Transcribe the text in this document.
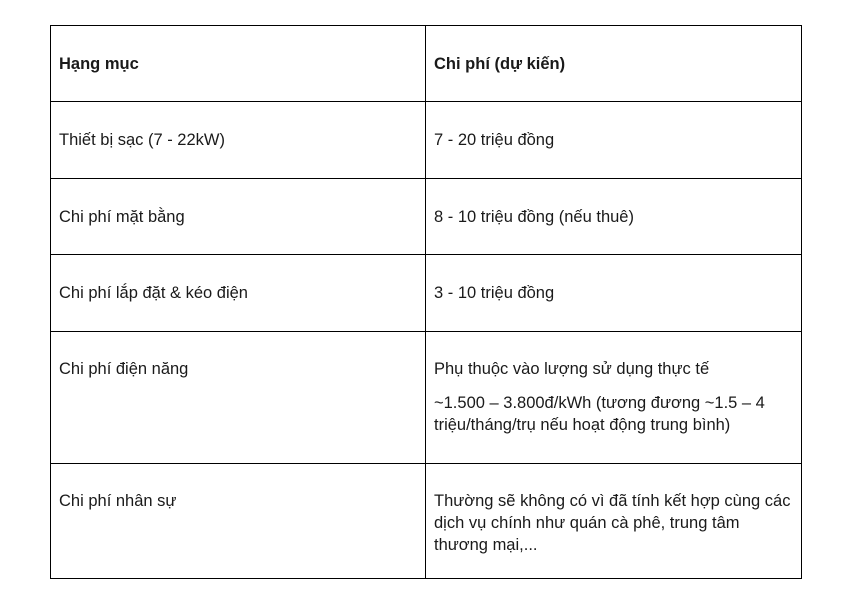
Hạng mục	Chi phí (dự kiến)
Thiết bị sạc (7 - 22kW)	7 - 20 triệu đồng

Chi phí mặt bằng	8 - 10 triệu đồng (nếu thuê)

Chi phí lắp đặt & kéo điện	3 - 10 triệu đồng

Chi phí điện năng	Phụ thuộc vào lượng sử dụng thực tế
~1.500 – 3.800đ/kWh (tương đương ~1.5 – 4 triệu/tháng/trụ nếu hoạt động trung bình)

Chi phí nhân sự	Thường sẽ không có vì đã tính kết hợp cùng các dịch vụ chính như quán cà phê, trung tâm thương mại,...
